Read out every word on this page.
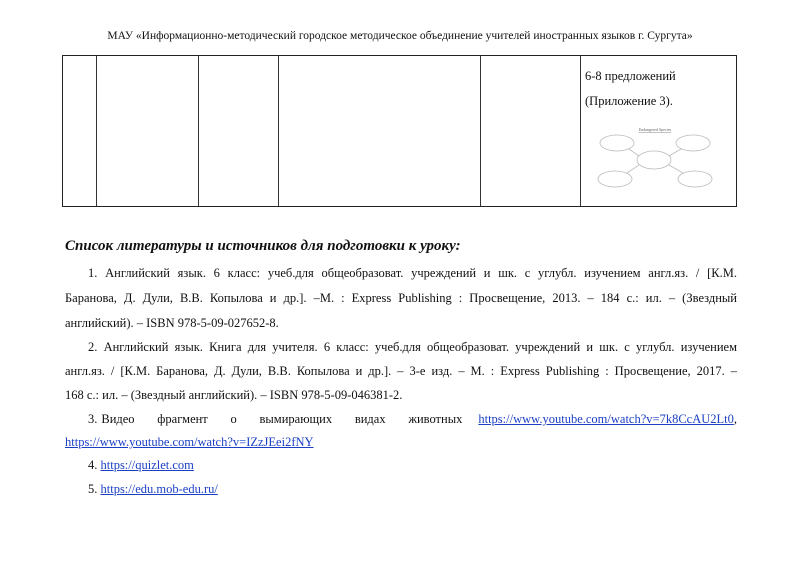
МАУ «Информационно-методический городское методическое объединение учителей иностранных языков г. Сургута»
6-8 предложений
(Приложение 3).
Endangered Species
Список литературы и источников для подготовки к уроку:
1. Английский язык. 6 класс: учеб.для общеобразоват. учреждений и шк. с углубл. изучением англ.яз. / [К.М.
Баранова, Д. Дули, В.В. Копылова и др.]. –М. : Express Publishing : Просвещение, 2013. – 184 с.: ил. – (Звездный
английский). – ISBN 978-5-09-027652-8.
2. Английский язык. Книга для учителя. 6 класс: учеб.для общеобразоват. учреждений и шк. с углубл. изучением
англ.яз. / [К.М. Баранова, Д. Дули, В.В. Копылова и др.]. – 3-е изд. – М. : Express Publishing : Просвещение, 2017. –
168 с.: ил. – (Звездный английский). – ISBN 978-5-09-046381-2.
3. Видео фрагмент о вымирающих видах животных https://www.youtube.com/watch?v=7k8CcAU2Lt0,
https://www.youtube.com/watch?v=IZzJEei2fNY
4. https://quizlet.com
5. https://edu.mob-edu.ru/
